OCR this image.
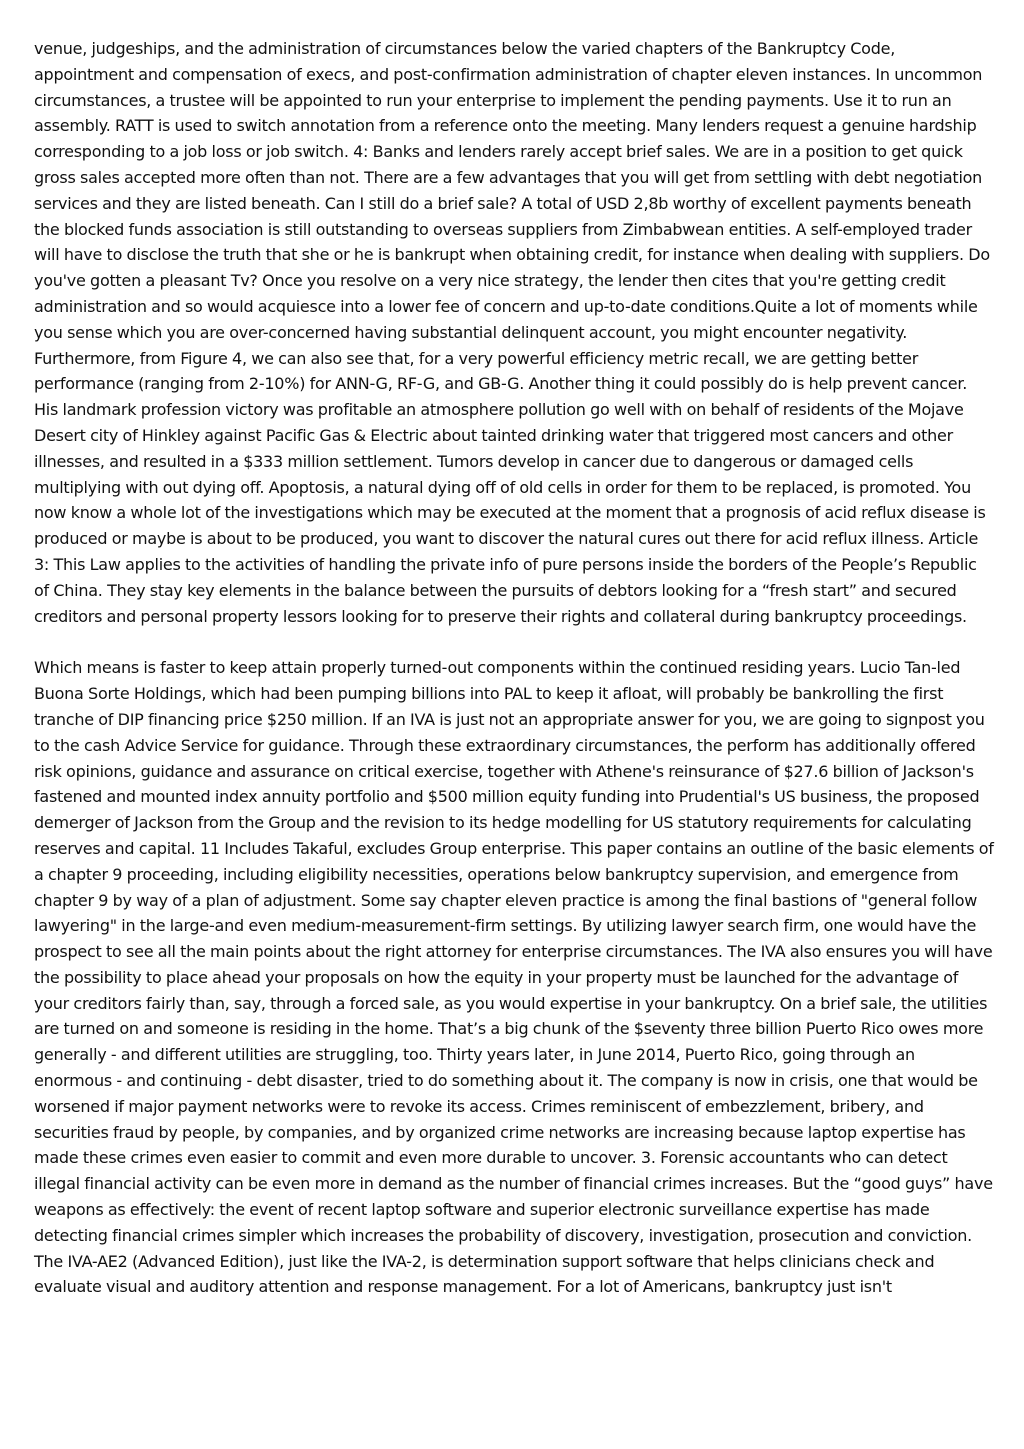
venue, judgeships, and the administration of circumstances below the varied chapters of the Bankruptcy Code, appointment and compensation of execs, and post-confirmation administration of chapter eleven instances. In uncommon circumstances, a trustee will be appointed to run your enterprise to implement the pending payments. Use it to run an assembly. RATT is used to switch annotation from a reference onto the meeting. Many lenders request a genuine hardship corresponding to a job loss or job switch. 4: Banks and lenders rarely accept brief sales. We are in a position to get quick gross sales accepted more often than not. There are a few advantages that you will get from settling with debt negotiation services and they are listed beneath. Can I still do a brief sale? A total of USD 2,8b worthy of excellent payments beneath the blocked funds association is still outstanding to overseas suppliers from Zimbabwean entities. A self-employed trader will have to disclose the truth that she or he is bankrupt when obtaining credit, for instance when dealing with suppliers. Do you've gotten a pleasant Tv? Once you resolve on a very nice strategy, the lender then cites that you're getting credit administration and so would acquiesce into a lower fee of concern and up-to-date conditions.Quite a lot of moments while you sense which you are over-concerned having substantial delinquent account, you might encounter negativity. Furthermore, from Figure 4, we can also see that, for a very powerful efficiency metric recall, we are getting better performance (ranging from 2-10%) for ANN-G, RF-G, and GB-G. Another thing it could possibly do is help prevent cancer. His landmark profession victory was profitable an atmosphere pollution go well with on behalf of residents of the Mojave Desert city of Hinkley against Pacific Gas & Electric about tainted drinking water that triggered most cancers and other illnesses, and resulted in a $333 million settlement. Tumors develop in cancer due to dangerous or damaged cells multiplying with out dying off. Apoptosis, a natural dying off of old cells in order for them to be replaced, is promoted. You now know a whole lot of the investigations which may be executed at the moment that a prognosis of acid reflux disease is produced or maybe is about to be produced, you want to discover the natural cures out there for acid reflux illness. Article 3: This Law applies to the activities of handling the private info of pure persons inside the borders of the People’s Republic of China. They stay key elements in the balance between the pursuits of debtors looking for a “fresh start” and secured creditors and personal property lessors looking for to preserve their rights and collateral during bankruptcy proceedings.

Which means is faster to keep attain properly turned-out components within the continued residing years. Lucio Tan-led Buona Sorte Holdings, which had been pumping billions into PAL to keep it afloat, will probably be bankrolling the first tranche of DIP financing price $250 million. If an IVA is just not an appropriate answer for you, we are going to signpost you to the cash Advice Service for guidance. Through these extraordinary circumstances, the perform has additionally offered risk opinions, guidance and assurance on critical exercise, together with Athene's reinsurance of $27.6 billion of Jackson's fastened and mounted index annuity portfolio and $500 million equity funding into Prudential's US business, the proposed demerger of Jackson from the Group and the revision to its hedge modelling for US statutory requirements for calculating reserves and capital. 11 Includes Takaful, excludes Group enterprise. This paper contains an outline of the basic elements of a chapter 9 proceeding, including eligibility necessities, operations below bankruptcy supervision, and emergence from chapter 9 by way of a plan of adjustment. Some say chapter eleven practice is among the final bastions of "general follow lawyering" in the large-and even medium-measurement-firm settings. By utilizing lawyer search firm, one would have the prospect to see all the main points about the right attorney for enterprise circumstances. The IVA also ensures you will have the possibility to place ahead your proposals on how the equity in your property must be launched for the advantage of your creditors fairly than, say, through a forced sale, as you would expertise in your bankruptcy. On a brief sale, the utilities are turned on and someone is residing in the home. That’s a big chunk of the $seventy three billion Puerto Rico owes more generally - and different utilities are struggling, too. Thirty years later, in June 2014, Puerto Rico, going through an enormous - and continuing - debt disaster, tried to do something about it. The company is now in crisis, one that would be worsened if major payment networks were to revoke its access. Crimes reminiscent of embezzlement, bribery, and securities fraud by people, by companies, and by organized crime networks are increasing because laptop expertise has made these crimes even easier to commit and even more durable to uncover. 3. Forensic accountants who can detect illegal financial activity can be even more in demand as the number of financial crimes increases. But the “good guys” have weapons as effectively: the event of recent laptop software and superior electronic surveillance expertise has made detecting financial crimes simpler which increases the probability of discovery, investigation, prosecution and conviction. The IVA-AE2 (Advanced Edition), just like the IVA-2, is determination support software that helps clinicians check and evaluate visual and auditory attention and response management. For a lot of Americans, bankruptcy just isn't
